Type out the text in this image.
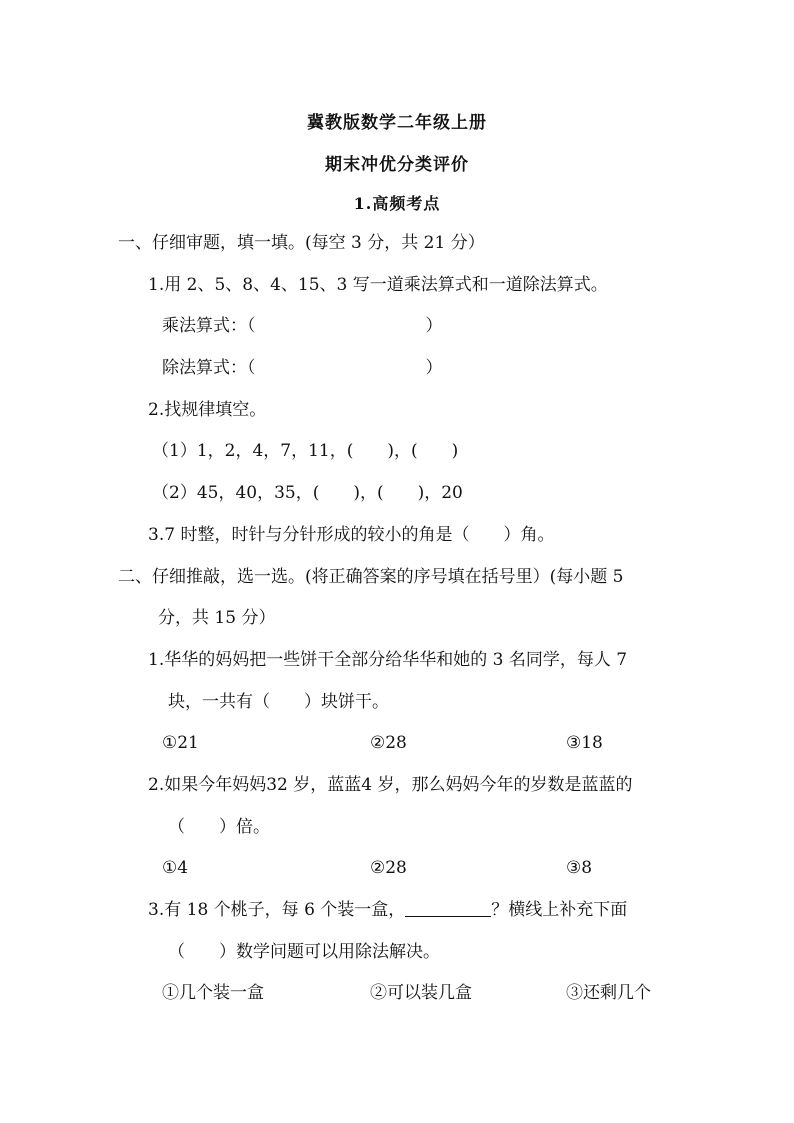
冀教版数学二年级上册
期末冲优分类评价
1.高频考点
一、仔细审题，填一填。(每空 3 分，共 21 分）
1.用 2、5、8、4、15、3 写一道乘法算式和一道除法算式。
乘法算式：（　　　　　　　　　　）
除法算式：（　　　　　　　　　　）
2.找规律填空。
（1）1，2，4，7，11，(　　)，(　　)
（2）45，40，35，(　　)，(　　)，20
3.7 时整，时针与分针形成的较小的角是（　　）角。
二、仔细推敲，选一选。(将正确答案的序号填在括号里）(每小题 5
分，共 15 分）
1.华华的妈妈把一些饼干全部分给华华和她的 3 名同学，每人 7
块，一共有（　　）块饼干。
①21	②28	③18
2.如果今年妈妈32 岁，蓝蓝4 岁，那么妈妈今年的岁数是蓝蓝的
（　　）倍。
①4	②28	③8
3.有 18 个桃子，每 6 个装一盒，	？横线上补充下面
（　　）数学问题可以用除法解决。
①几个装一盒	②可以装几盒	③还剩几个
